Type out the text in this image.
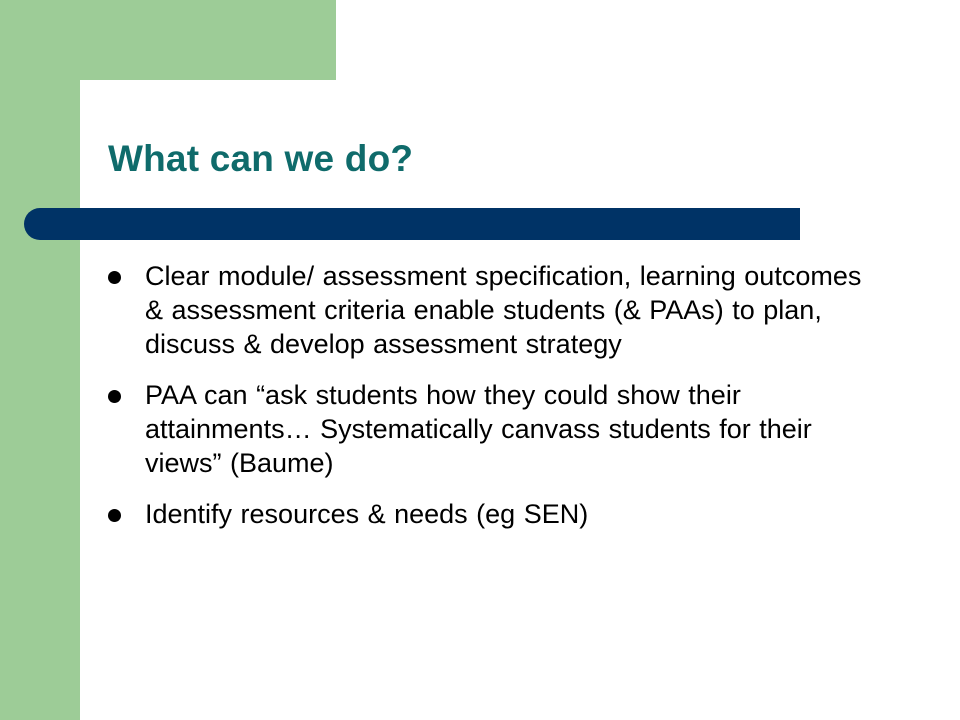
What can we do?
Clear module/ assessment specification, learning outcomes & assessment criteria enable students (& PAAs) to plan, discuss & develop assessment strategy
PAA can “ask students how they could show their attainments… Systematically canvass students for their views” (Baume)
Identify resources & needs (eg SEN)
